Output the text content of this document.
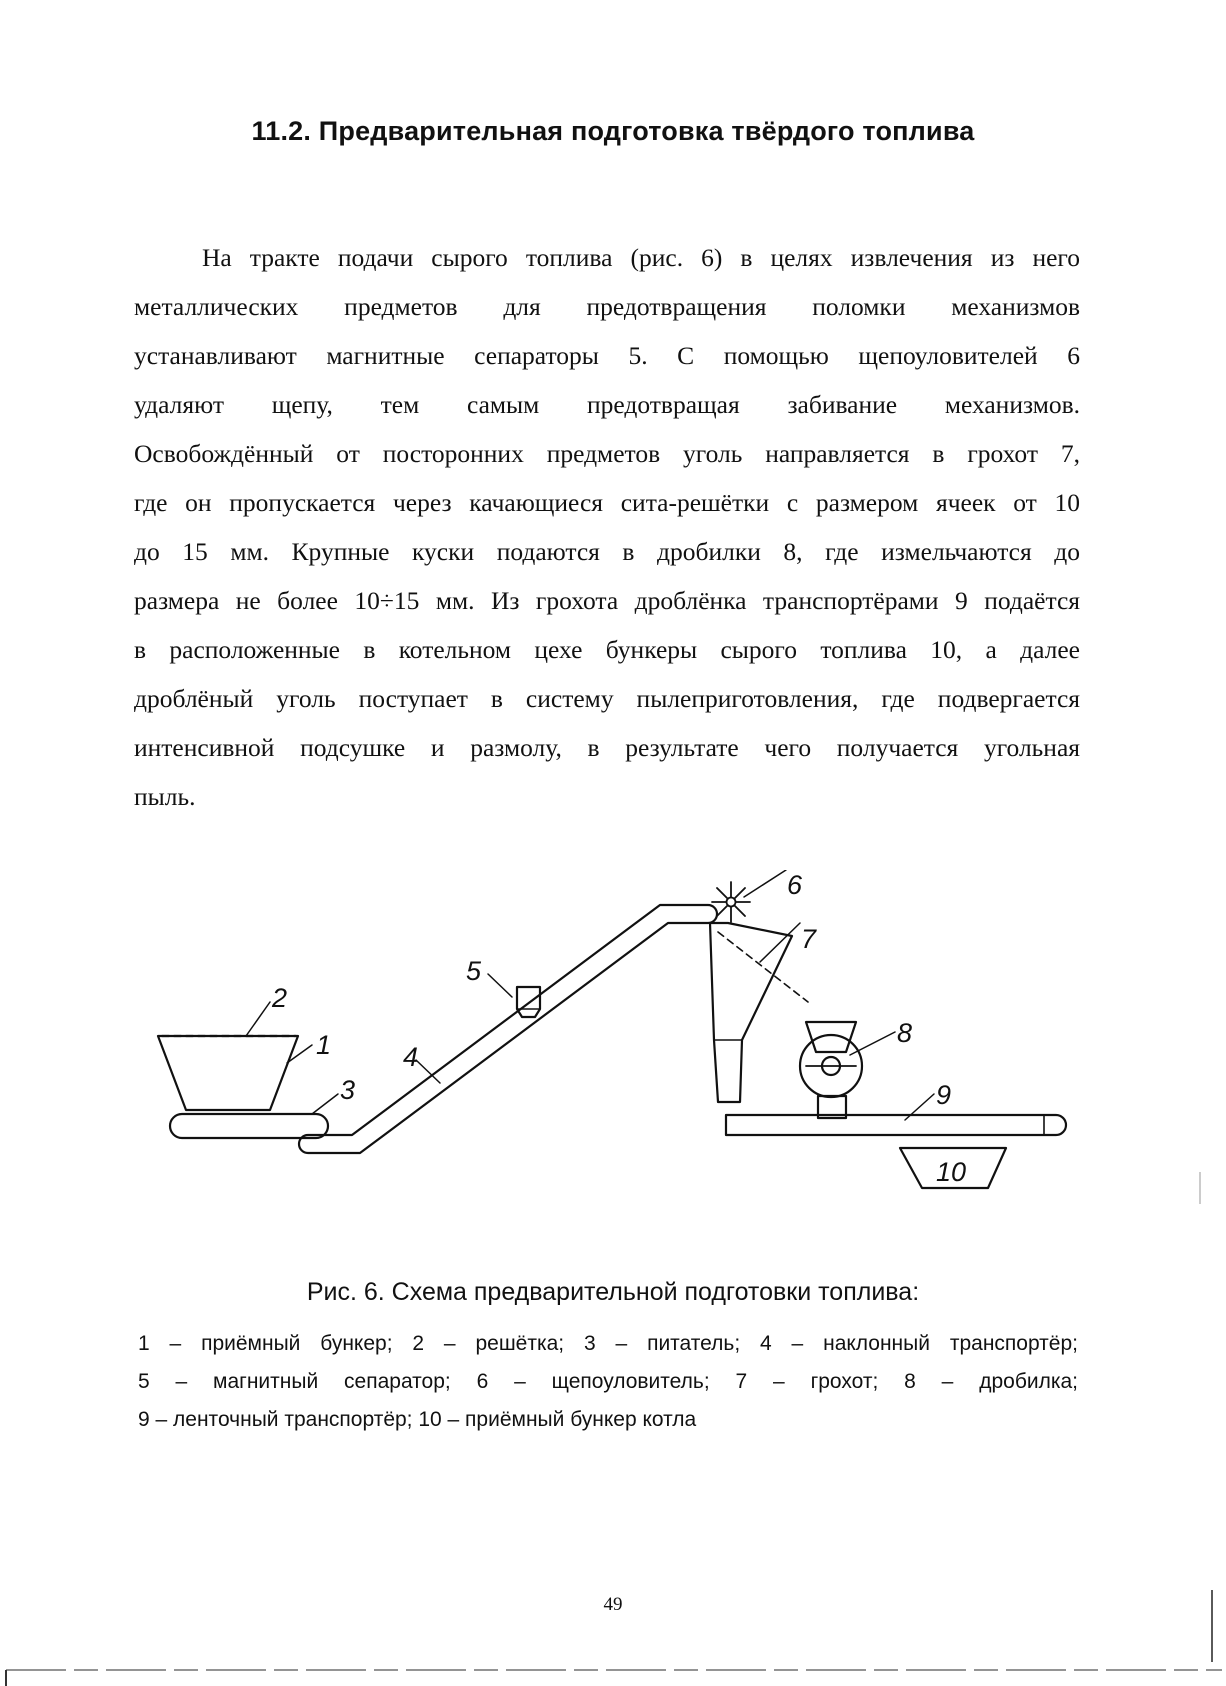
11.2. Предварительная подготовка твёрдого топлива
На тракте подачи сырого топлива (рис. 6) в целях извлечения из него
металлических предметов для предотвращения поломки механизмов
устанавливают магнитные сепараторы 5. С помощью щепоуловителей 6
удаляют щепу, тем самым предотвращая забивание механизмов.
Освобождённый от посторонних предметов уголь направляется в грохот 7,
где он пропускается через качающиеся сита-решётки с размером ячеек от 10
до 15 мм. Крупные куски подаются в дробилки 8, где измельчаются до
размера не более 10÷15 мм. Из грохота дроблёнка транспортёрами 9 подаётся
в расположенные в котельном цехе бункеры сырого топлива 10, а далее
дроблёный уголь поступает в систему пылеприготовления, где подвергается
интенсивной подсушке и размолу, в результате чего получается угольная
пыль.
1
2
3
4
5
6
7
8
9
10
Рис. 6. Схема предварительной подготовки топлива:
1 – приёмный бункер; 2 – решётка; 3 – питатель; 4 – наклонный транспортёр;
5 – магнитный сепаратор; 6 – щепоуловитель; 7 – грохот; 8 – дробилка;
9 – ленточный транспортёр; 10 – приёмный бункер котла
49
